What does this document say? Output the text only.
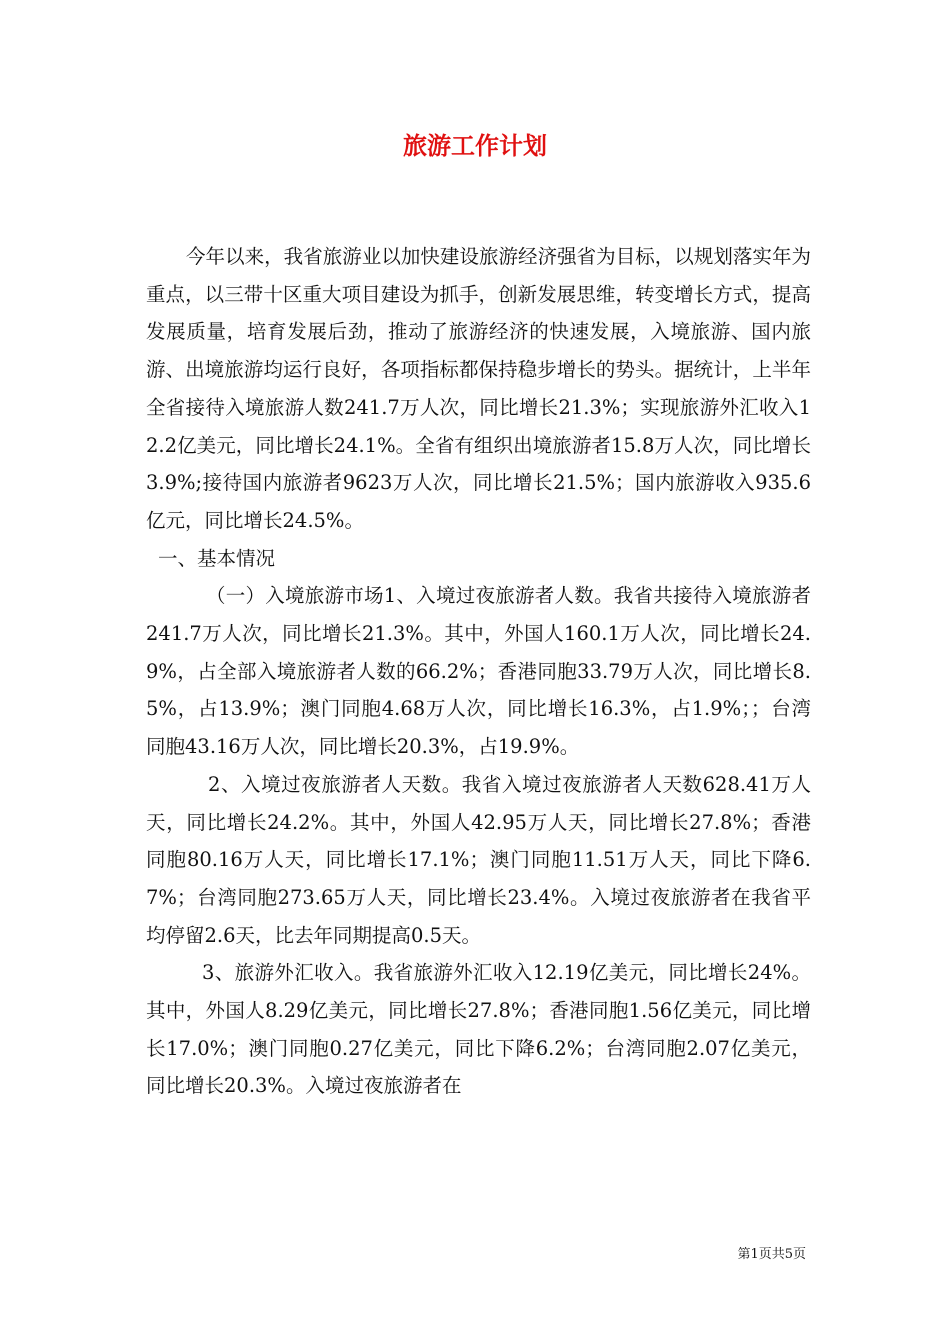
旅游工作计划

今年以来，我省旅游业以加快建设旅游经济强省为目标，以规划落实年为重点，以三带十区重大项目建设为抓手，创新发展思维，转变增长方式，提高发展质量，培育发展后劲，推动了旅游经济的快速发展，入境旅游、国内旅游、出境旅游均运行良好，各项指标都保持稳步增长的势头。据统计，上半年全省接待入境旅游人数241.7万人次，同比增长21.3%；实现旅游外汇收入12.2亿美元，同比增长24.1%。全省有组织出境旅游者15.8万人次，同比增长3.9%;接待国内旅游者9623万人次，同比增长21.5%；国内旅游收入935.6亿元，同比增长24.5%。

一、基本情况

（一）入境旅游市场1、入境过夜旅游者人数。我省共接待入境旅游者241.7万人次，同比增长21.3%。其中，外国人160.1万人次，同比增长24.9%，占全部入境旅游者人数的66.2%；香港同胞33.79万人次，同比增长8.5%，占13.9%；澳门同胞4.68万人次，同比增长16.3%，占1.9%；；台湾同胞43.16万人次，同比增长20.3%，占19.9%。

2、入境过夜旅游者人天数。我省入境过夜旅游者人天数628.41万人天，同比增长24.2%。其中，外国人42.95万人天，同比增长27.8%；香港同胞80.16万人天，同比增长17.1%；澳门同胞11.51万人天，同比下降6.7%；台湾同胞273.65万人天，同比增长23.4%。入境过夜旅游者在我省平均停留2.6天，比去年同期提高0.5天。

3、旅游外汇收入。我省旅游外汇收入12.19亿美元，同比增长24%。其中，外国人8.29亿美元，同比增长27.8%；香港同胞1.56亿美元，同比增长17.0%；澳门同胞0.27亿美元，同比下降6.2%；台湾同胞2.07亿美元，同比增长20.3%。入境过夜旅游者在

第1页共5页
